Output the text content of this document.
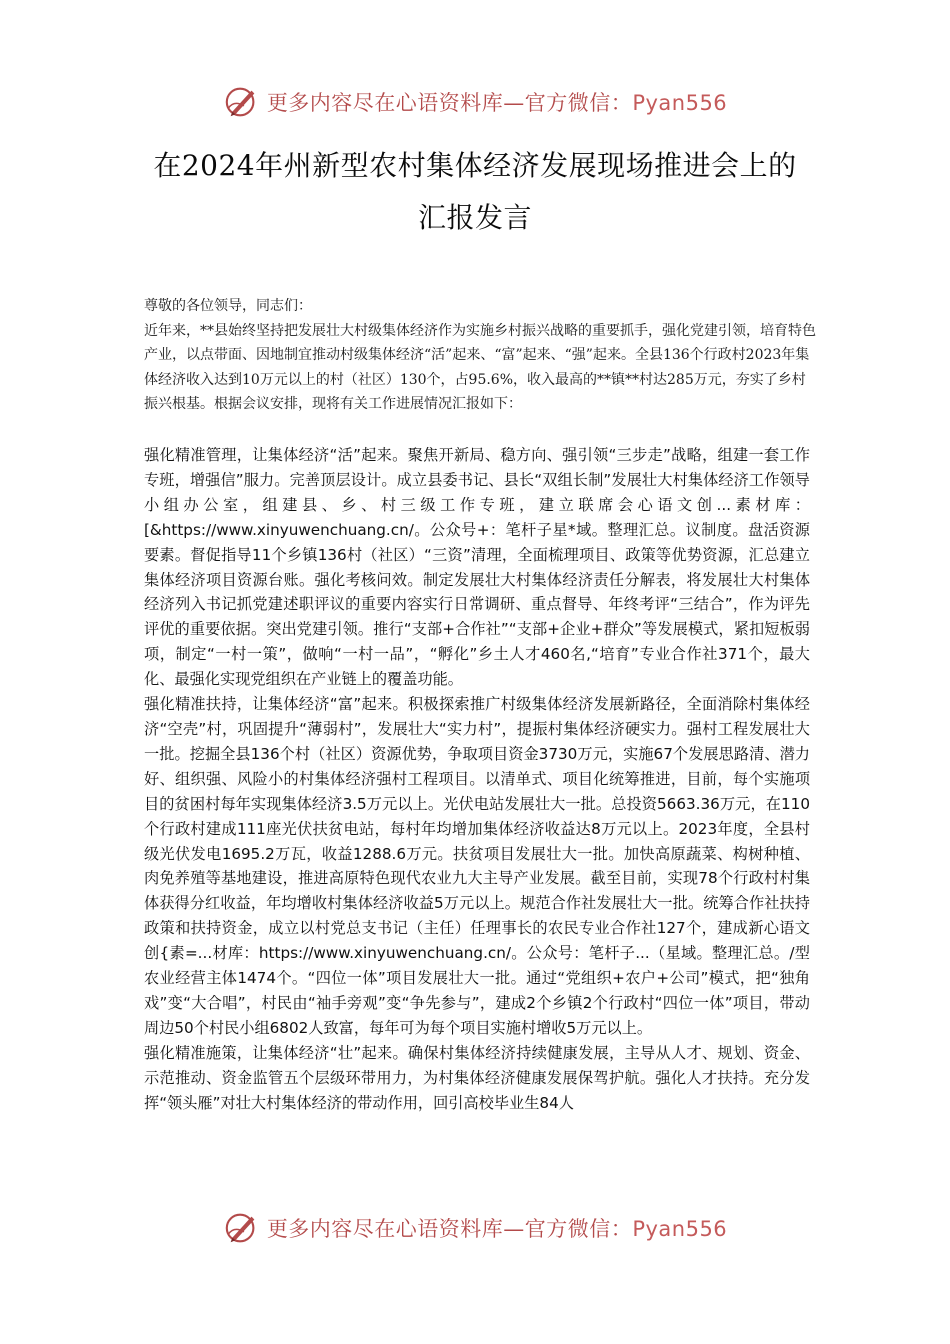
更多内容尽在心语资料库—官方微信：Pyan556
在2024年州新型农村集体经济发展现场推进会上的
汇报发言

尊敬的各位领导，同志们：

近年来，**县始终坚持把发展壮大村级集体经济作为实施乡村振兴战略的重要抓手，强化党建引领，培育特色产业，以点带面、因地制宜推动村级集体经济“活”起来、“富”起来、“强”起来。全县136个行政村2023年集体经济收入达到10万元以上的村（社区）130个，占95.6%，收入最高的**镇**村达285万元，夯实了乡村振兴根基。根据会议安排，现将有关工作进展情况汇报如下：

强化精准管理，让集体经济“活”起来。聚焦开新局、稳方向、强引领“三步走”战略，组建一套工作专班，增强信”服力。完善顶层设计。成立县委书记、县长“双组长制”发展壮大村集体经济工作领导小组办公室，组建县、乡、村三级工作专班，建立联席会心语文创...素材库：[&https://www.xinyuwenchuang.cn/。公众号+：笔杆子星*域。整理汇总。议制度。盘活资源要素。督促指导11个乡镇136村（社区）“三资”清理，全面梳理项目、政策等优势资源，汇总建立集体经济项目资源台账。强化考核问效。制定发展壮大村集体经济责任分解表，将发展壮大村集体经济列入书记抓党建述职评议的重要内容实行日常调研、重点督导、年终考评“三结合”，作为评先评优的重要依据。突出党建引领。推行“支部+合作社”“支部+企业+群众”等发展模式，紧扣短板弱项，制定“一村一策”，做响“一村一品”，“孵化”乡土人才460名,“培育”专业合作社371个，最大化、最强化实现党组织在产业链上的覆盖功能。

强化精准扶持，让集体经济“富”起来。积极探索推广村级集体经济发展新路径，全面消除村集体经济“空壳”村，巩固提升“薄弱村”，发展壮大“实力村”，提振村集体经济硬实力。强村工程发展壮大一批。挖掘全县136个村（社区）资源优势，争取项目资金3730万元，实施67个发展思路清、潜力好、组织强、风险小的村集体经济强村工程项目。以清单式、项目化统筹推进，目前，每个实施项目的贫困村每年实现集体经济3.5万元以上。光伏电站发展壮大一批。总投资5663.36万元，在110个行政村建成111座光伏扶贫电站，每村年均增加集体经济收益达8万元以上。2023年度，全县村级光伏发电1695.2万瓦，收益1288.6万元。扶贫项目发展壮大一批。加快高原蔬菜、构树种植、肉免养殖等基地建设，推进高原特色现代农业九大主导产业发展。截至目前，实现78个行政村村集体获得分红收益，年均增收村集体经济收益5万元以上。规范合作社发展壮大一批。统筹合作社扶持政策和扶持资金，成立以村党总支书记（主任）任理事长的农民专业合作社127个，建成新心语文创{素=...材库：https://www.xinyuwenchuang.cn/。公众号：笔杆子...（星域。整理汇总。/型农业经营主体1474个。“四位一体”项目发展壮大一批。通过“党组织+农户+公司”模式，把“独角戏”变“大合唱”，村民由“袖手旁观”变“争先参与”，建成2个乡镇2个行政村“四位一体”项目，带动周边50个村民小组6802人致富，每年可为每个项目实施村增收5万元以上。

强化精准施策，让集体经济“壮”起来。确保村集体经济持续健康发展，主导从人才、规划、资金、示范推动、资金监管五个层级环带用力，为村集体经济健康发展保驾护航。强化人才扶持。充分发挥“领头雁”对壮大村集体经济的带动作用，回引高校毕业生84人

更多内容尽在心语资料库—官方微信：Pyan556
